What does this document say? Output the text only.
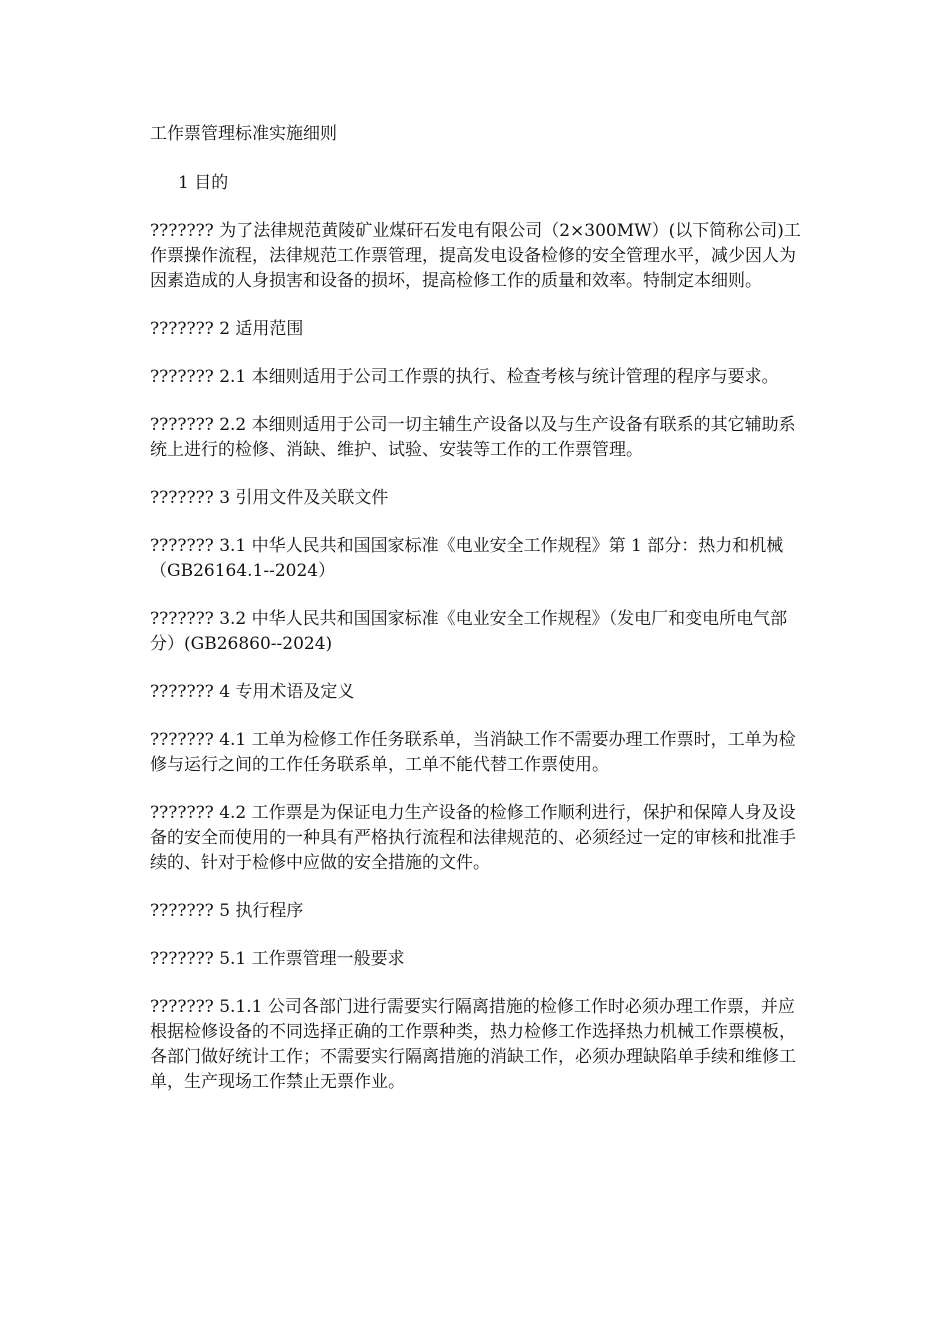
工作票管理标准实施细则

1 目的

??????? 为了法律规范黄陵矿业煤矸石发电有限公司（2×300MW）(以下简称公司)工作票操作流程，法律规范工作票管理，提高发电设备检修的安全管理水平，减少因人为因素造成的人身损害和设备的损坏，提高检修工作的质量和效率。特制定本细则。

??????? 2 适用范围

??????? 2.1 本细则适用于公司工作票的执行、检查考核与统计管理的程序与要求。

??????? 2.2 本细则适用于公司一切主辅生产设备以及与生产设备有联系的其它辅助系统上进行的检修、消缺、维护、试验、安装等工作的工作票管理。

??????? 3 引用文件及关联文件

??????? 3.1 中华人民共和国国家标准《电业安全工作规程》第 1 部分：热力和机械（GB26164.1--2024）

??????? 3.2 中华人民共和国国家标准《电业安全工作规程》（发电厂和变电所电气部分）(GB26860--2024)

??????? 4 专用术语及定义

??????? 4.1 工单为检修工作任务联系单，当消缺工作不需要办理工作票时，工单为检修与运行之间的工作任务联系单，工单不能代替工作票使用。

??????? 4.2 工作票是为保证电力生产设备的检修工作顺利进行，保护和保障人身及设备的安全而使用的一种具有严格执行流程和法律规范的、必须经过一定的审核和批准手续的、针对于检修中应做的安全措施的文件。

??????? 5 执行程序

??????? 5.1 工作票管理一般要求

??????? 5.1.1 公司各部门进行需要实行隔离措施的检修工作时必须办理工作票，并应根据检修设备的不同选择正确的工作票种类，热力检修工作选择热力机械工作票模板，各部门做好统计工作；不需要实行隔离措施的消缺工作，必须办理缺陷单手续和维修工单，生产现场工作禁止无票作业。
